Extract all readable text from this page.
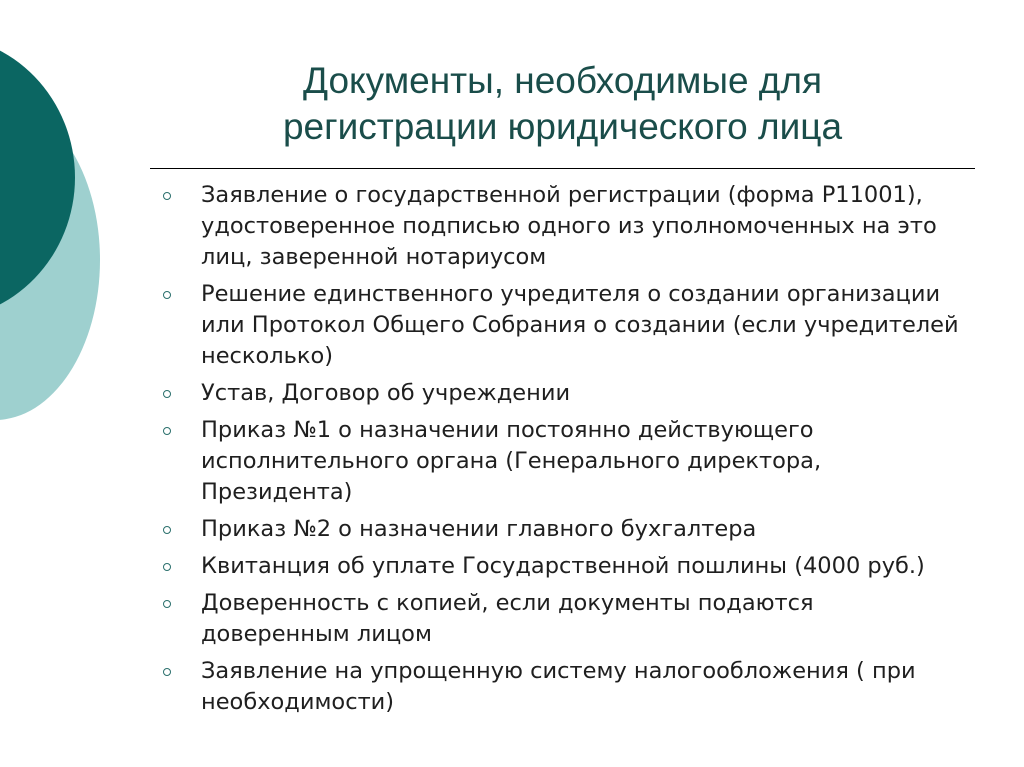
Документы, необходимые для
регистрации юридического лица
Заявление о государственной регистрации (форма Р11001), удостоверенное подписью одного из уполномоченных на это лиц, заверенной нотариусом
Решение единственного учредителя о создании организации или Протокол Общего Собрания о создании (если учредителей несколько)
Устав, Договор об учреждении
Приказ №1 о назначении постоянно действующего исполнительного органа (Генерального директора, Президента)
Приказ №2 о назначении главного бухгалтера
Квитанция об уплате Государственной пошлины (4000 руб.)
Доверенность с копией, если документы подаются доверенным лицом
Заявление на упрощенную систему налогообложения ( при необходимости)
